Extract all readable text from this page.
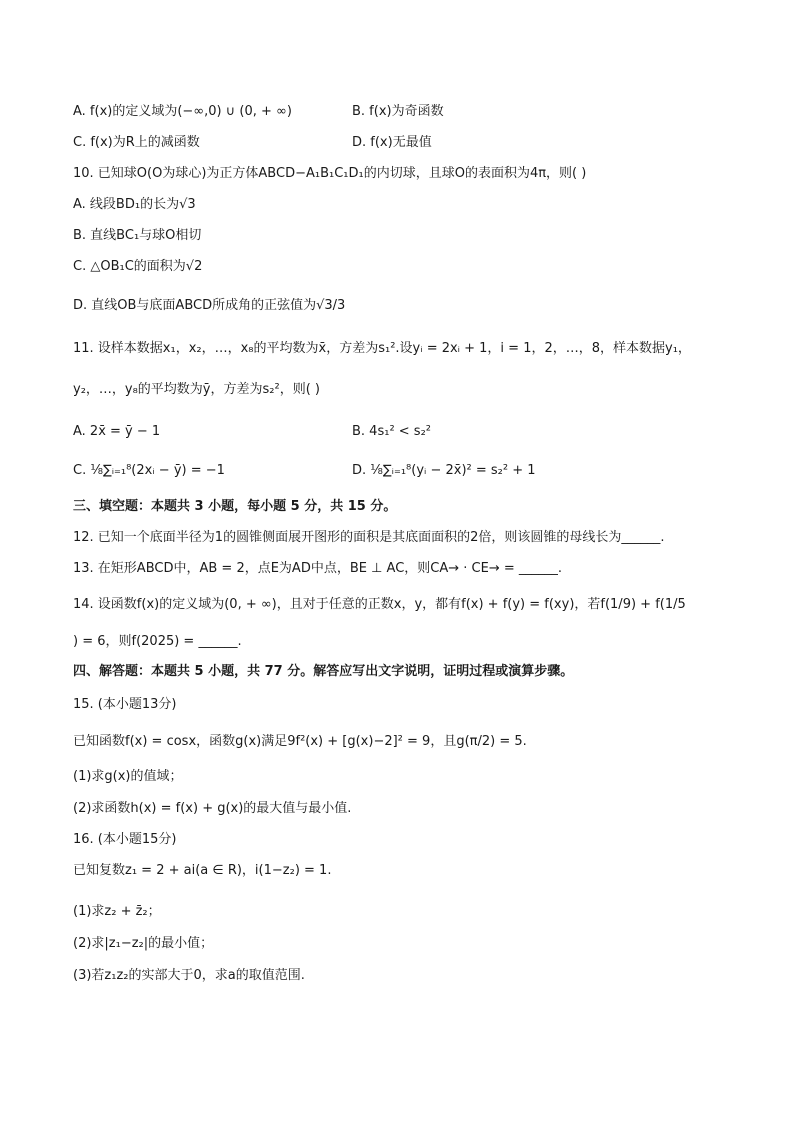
A. f(x)的定义域为(−∞,0) ∪ (0, + ∞)	B. f(x)为奇函数
C. f(x)为R上的减函数	D. f(x)无最值
10. 已知球O(O为球心)为正方体ABCD−A₁B₁C₁D₁的内切球，且球O的表面积为4π，则( )
A. 线段BD₁的长为√3
B. 直线BC₁与球O相切
C. △OB₁C的面积为√2
D. 直线OB与底面ABCD所成角的正弦值为√3/3
11. 设样本数据x₁，x₂，…，x₈的平均数为x̄，方差为s₁².设yᵢ = 2xᵢ + 1，i = 1，2，…，8，样本数据y₁，
y₂，…，y₈的平均数为ȳ，方差为s₂²，则( )
A. 2x̄ = ȳ − 1	B. 4s₁² < s₂²
C. ⅛∑ᵢ₌₁⁸(2xᵢ − ȳ) = −1	D. ⅛∑ᵢ₌₁⁸(yᵢ − 2x̄)² = s₂² + 1
三、填空题：本题共 3 小题，每小题 5 分，共 15 分。
12. 已知一个底面半径为1的圆锥侧面展开图形的面积是其底面面积的2倍，则该圆锥的母线长为______.
13. 在矩形ABCD中，AB = 2，点E为AD中点，BE ⊥ AC，则CA→ · CE→ = ______.
14. 设函数f(x)的定义域为(0, + ∞)，且对于任意的正数x，y，都有f(x) + f(y) = f(xy)，若f(1/9) + f(1/5
) = 6，则f(2025) = ______.
四、解答题：本题共 5 小题，共 77 分。解答应写出文字说明，证明过程或演算步骤。
15. (本小题13分)
已知函数f(x) = cosx，函数g(x)满足9f²(x) + [g(x)−2]² = 9，且g(π/2) = 5.
(1)求g(x)的值域；
(2)求函数h(x) = f(x) + g(x)的最大值与最小值.
16. (本小题15分)
已知复数z₁ = 2 + ai(a ∈ R)，i(1−z₂) = 1.
(1)求z₂ + z̄₂；
(2)求|z₁−z₂|的最小值；
(3)若z₁z₂的实部大于0，求a的取值范围.
